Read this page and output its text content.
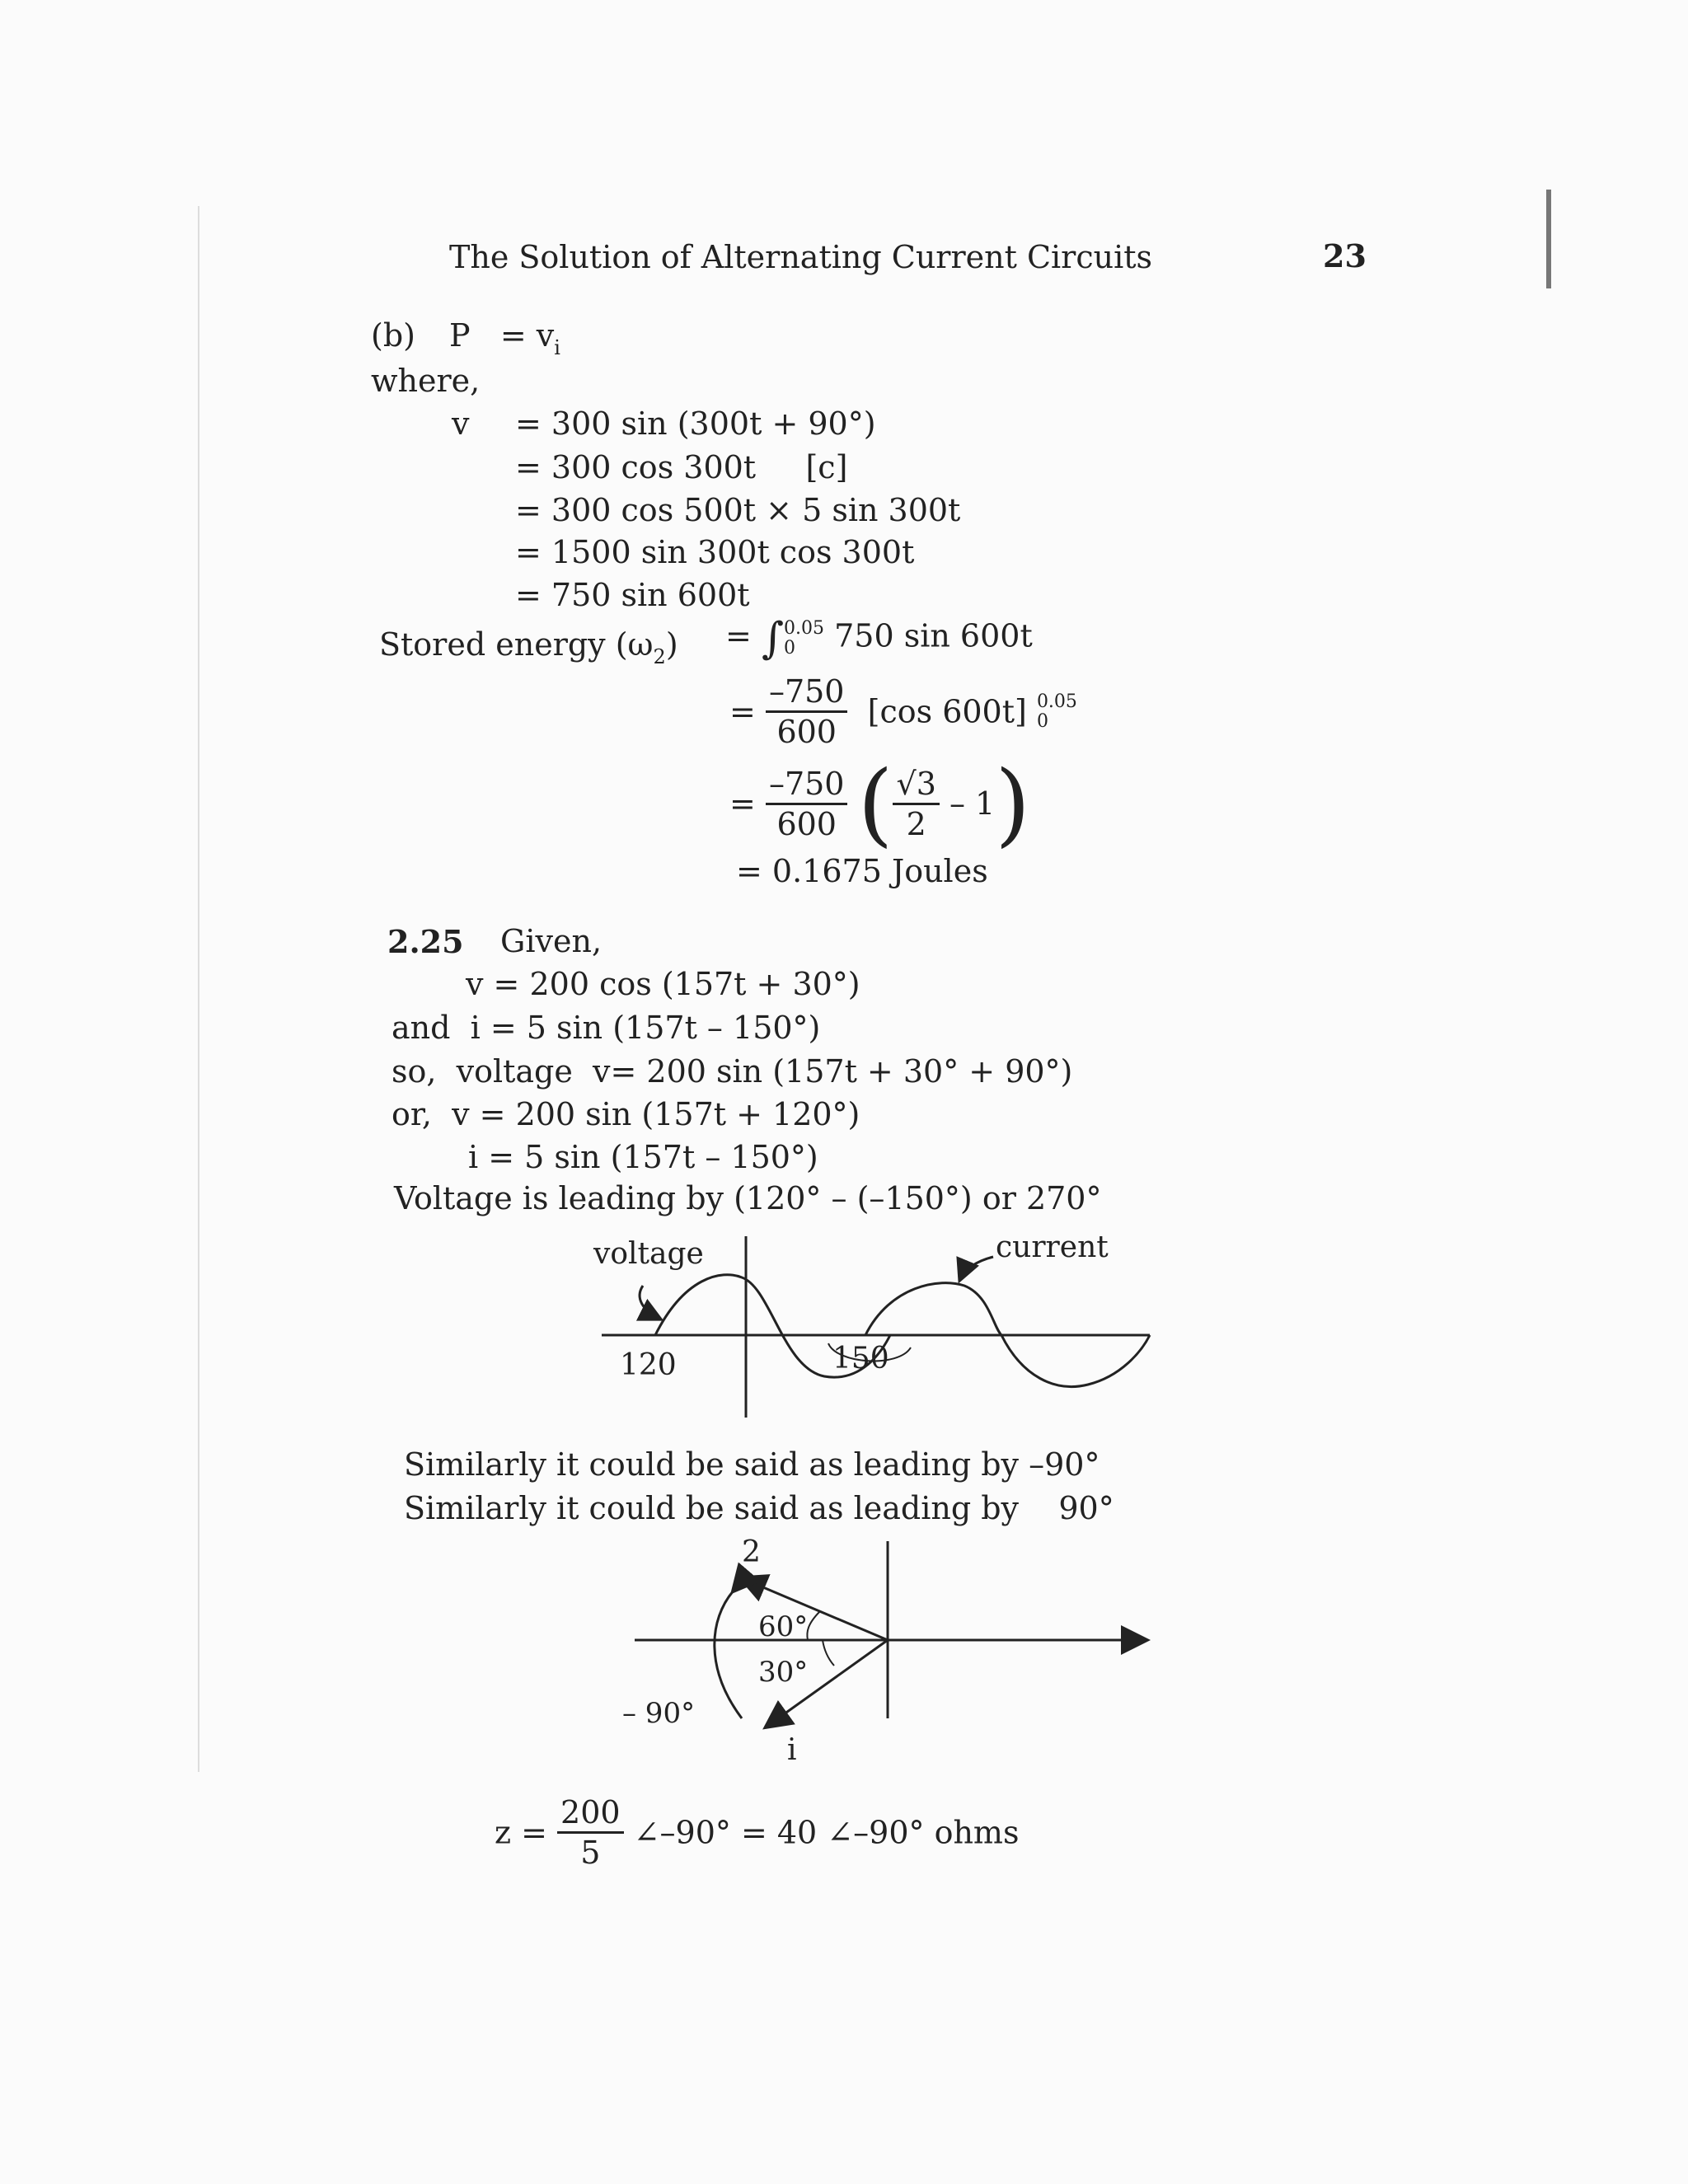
The Solution of Alternating Current Circuits	23
(b) $P = v_i$
where,
v = 300 sin (300t + 90°)
= 300 cos 300t     [c]
= 300 cos 500t × 5 sin 300t
= 1500 sin 300t cos 300t
= 750 sin 600t
Stored energy $(\omega_2)$ = ∫ 0.05
0	750 sin 600t
= $\frac{-750}{600} [\cos$ 600t] 0.05
0
= $\frac{-750}{600}$ ( $\frac{√3}{2} - 1$)
= 0.1675 Joules
2.25 Given,
v = 200 cos (157t + 30°)
and  i = 5 sin (157t – 150°)
so,  voltage  v= 200 sin (157t + 30° + 90°)
or,  v = 200 sin (157t + 120°)
i = 5 sin (157t – 150°)
Voltage is leading by (120° – (–150°) or 270°
voltage	current
120	150
Similarly it could be said as leading by –90°
Similarly it could be said as leading by 90°
2
60°
30°
– 90°
i
$z = \frac{200}{5}$ ∠–90° = 40 ∠–90° ohms
